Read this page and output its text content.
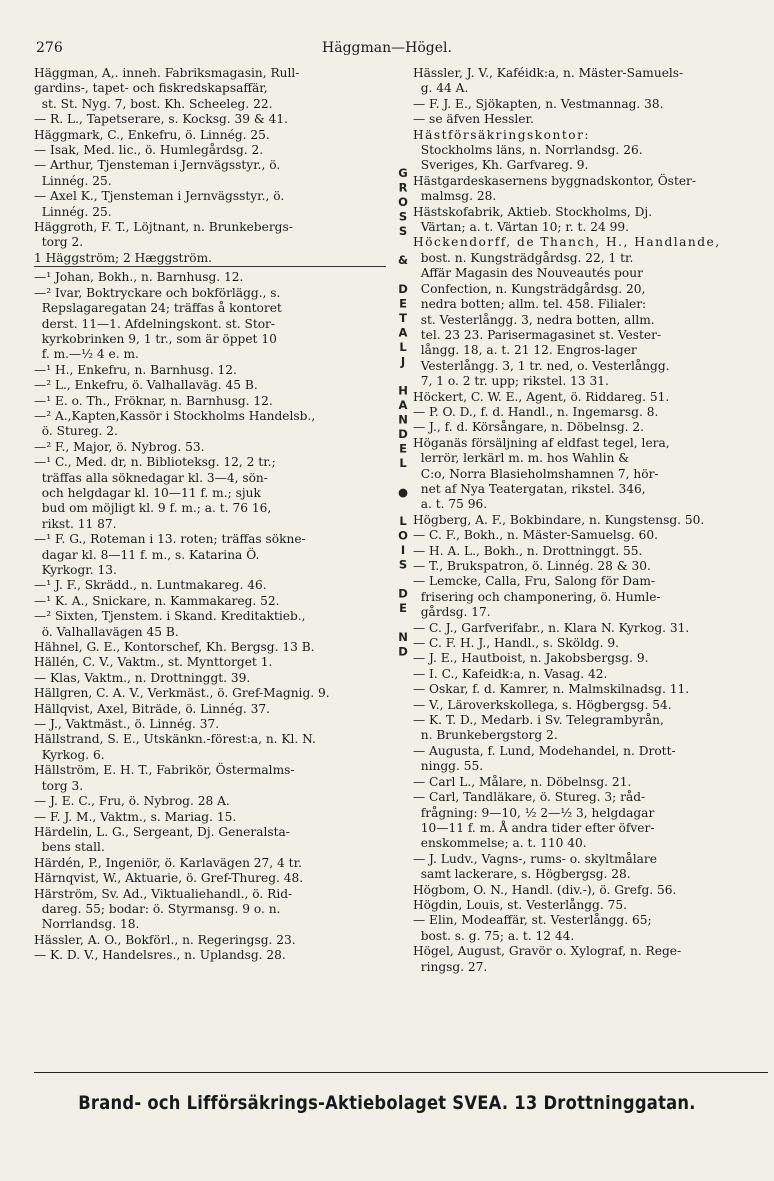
276	Häggman—Högel.
Häggman, A,. inneh. Fabriksmagasin, Rull-
gardins-, tapet- och fiskredskapsaffär,
st. St. Nyg. 7, bost. Kh. Scheeleg. 22.
— R. L., Tapetserare, s. Kocksg. 39 & 41.
Häggmark, C., Enkefru, ö. Linnég. 25.
— Isak, Med. lic., ö. Humlegårdsg. 2.
— Arthur, Tjensteman i Jernvägsstyr., ö.
Linnég. 25.
— Axel K., Tjensteman i Jernvägsstyr., ö.
Linnég. 25.
Häggroth, F. T., Löjtnant, n. Brunkebergs-
torg 2.
1 Häggström; 2 Hæggström.
—¹ Johan, Bokh., n. Barnhusg. 12.
—² Ivar, Boktryckare och bokförlägg., s.
Repslagaregatan 24; träffas å kontoret
derst. 11—1. Afdelningskont. st. Stor-
kyrkobrinken 9, 1 tr., som är öppet 10
f. m.—½ 4 e. m.
—¹ H., Enkefru, n. Barnhusg. 12.
—² L., Enkefru, ö. Valhallaväg. 45 B.
—¹ E. o. Th., Fröknar, n. Barnhusg. 12.
—² A.,Kapten,Kassör i Stockholms Handelsb.,
ö. Stureg. 2.
—² F., Major, ö. Nybrog. 53.
—¹ C., Med. dr, n. Biblioteksg. 12, 2 tr.;
träffas alla söknedagar kl. 3—4, sön-
och helgdagar kl. 10—11 f. m.; sjuk
bud om möjligt kl. 9 f. m.; a. t. 76 16,
rikst. 11 87.
—¹ F. G., Roteman i 13. roten; träffas sökne-
dagar kl. 8—11 f. m., s. Katarina Ö.
Kyrkogr. 13.
—¹ J. F., Skrädd., n. Luntmakareg. 46.
—¹ K. A., Snickare, n. Kammakareg. 52.
—² Sixten, Tjenstem. i Skand. Kreditaktieb.,
ö. Valhallavägen 45 B.
Hähnel, G. E., Kontorschef, Kh. Bergsg. 13 B.
Hällén, C. V., Vaktm., st. Mynttorget 1.
— Klas, Vaktm., n. Drottninggt. 39.
Hällgren, C. A. V., Verkmäst., ö. Gref-Magnig. 9.
Hällqvist, Axel, Biträde, ö. Linnég. 37.
— J., Vaktmäst., ö. Linnég. 37.
Hällstrand, S. E., Utskänkn.-förest:a, n. Kl. N.
Kyrkog. 6.
Hällström, E. H. T., Fabrikör, Östermalms-
torg 3.
— J. E. C., Fru, ö. Nybrog. 28 A.
— F. J. M., Vaktm., s. Mariag. 15.
Härdelin, L. G., Sergeant, Dj. Generalsta-
bens stall.
Härdén, P., Ingeniör, ö. Karlavägen 27, 4 tr.
Härnqvist, W., Aktuarie, ö. Gref-Thureg. 48.
Härström, Sv. Ad., Viktualiehandl., ö. Rid-
dareg. 55; bodar: ö. Styrmansg. 9 o. n.
Norrlandsg. 18.
Hässler, A. O., Bokförl., n. Regeringsg. 23.
— K. D. V., Handelsres., n. Uplandsg. 28.
GROSS & DETALJ HANDEL ● LOIS DE ND
Hässler, J. V., Kaféidk:a, n. Mäster-Samuels-
g. 44 A.
— F. J. E., Sjökapten, n. Vestmannag. 38.
— se äfven Hessler.
Hästförsäkringskontor:
Stockholms läns, n. Norrlandsg. 26.
Sveriges, Kh. Garfvareg. 9.
Hästgardeskasernens byggnadskontor, Öster-
malmsg. 28.
Hästskofabrik, Aktieb. Stockholms, Dj.
Värtan; a. t. Värtan 10; r. t. 24 99.
Höckendorff, de Thanch, H., Handlande,
bost. n. Kungsträdgårdsg. 22, 1 tr.
Affär Magasin des Nouveautés pour
Confection, n. Kungsträdgårdsg. 20,
nedra botten; allm. tel. 458. Filialer:
st. Vesterlångg. 3, nedra botten, allm.
tel. 23 23. Parisermagasinet st. Vester-
långg. 18, a. t. 21 12. Engros-lager
Vesterlångg. 3, 1 tr. ned, o. Vesterlångg.
7, 1 o. 2 tr. upp; rikstel. 13 31.
Höckert, C. W. E., Agent, ö. Riddareg. 51.
— P. O. D., f. d. Handl., n. Ingemarsg. 8.
— J., f. d. Körsångare, n. Döbelnsg. 2.
Höganäs försäljning af eldfast tegel, lera,
lerrör, lerkärl m. m. hos Wahlin &
C:o, Norra Blasieholmshamnen 7, hör-
net af Nya Teatergatan, rikstel. 346,
a. t. 75 96.
Högberg, A. F., Bokbindare, n. Kungstensg. 50.
— C. F., Bokh., n. Mäster-Samuelsg. 60.
— H. A. L., Bokh., n. Drottninggt. 55.
— T., Brukspatron, ö. Linnég. 28 & 30.
— Lemcke, Calla, Fru, Salong för Dam-
frisering och champonering, ö. Humle-
gårdsg. 17.
— C. J., Garfverifabr., n. Klara N. Kyrkog. 31.
— C. F. H. J., Handl., s. Sköldg. 9.
— J. E., Hautboist, n. Jakobsbergsg. 9.
— I. C., Kafeidk:a, n. Vasag. 42.
— Oskar, f. d. Kamrer, n. Malmskilnadsg. 11.
— V., Läroverkskollega, s. Högbergsg. 54.
— K. T. D., Medarb. i Sv. Telegrambyrån,
n. Brunkebergstorg 2.
— Augusta, f. Lund, Modehandel, n. Drott-
ningg. 55.
— Carl L., Målare, n. Döbelnsg. 21.
— Carl, Tandläkare, ö. Stureg. 3; råd-
frågning: 9—10, ½ 2—½ 3, helgdagar
10—11 f. m. Å andra tider efter öfver-
enskommelse; a. t. 110 40.
— J. Ludv., Vagns-, rums- o. skyltmålare
samt lackerare, s. Högbergsg. 28.
Högbom, O. N., Handl. (div.-), ö. Grefg. 56.
Högdin, Louis, st. Vesterlångg. 75.
— Elin, Modeaffär, st. Vesterlångg. 65;
bost. s. g. 75; a. t. 12 44.
Högel, August, Gravör o. Xylograf, n. Rege-
ringsg. 27.
Brand- och Lifförsäkrings-Aktiebolaget SVEA. 13 Drottninggatan.
